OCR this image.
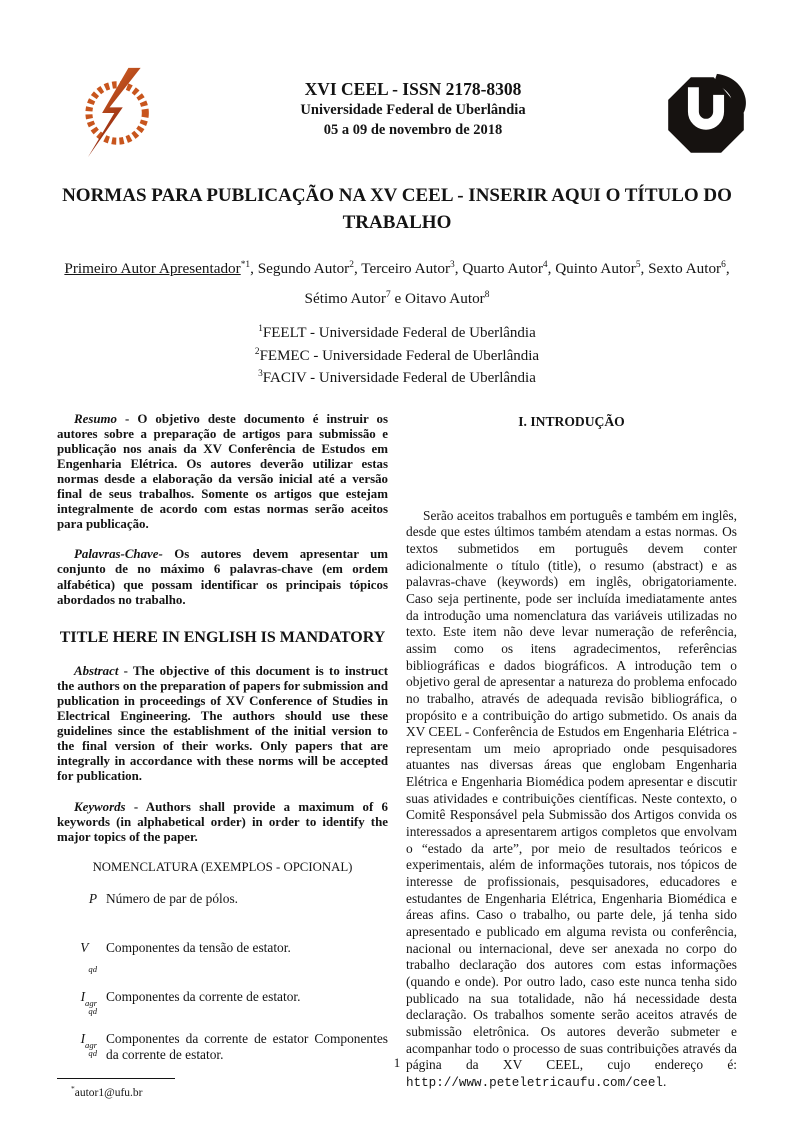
XVI CEEL - ISSN 2178-8308
Universidade Federal de Uberlândia
05 a 09 de novembro de 2018
NORMAS PARA PUBLICAÇÃO NA XV CEEL - INSERIR AQUI O TÍTULO DO TRABALHO
Primeiro Autor Apresentador$^{*1}$, Segundo Autor$^2$, Terceiro Autor$^3$, Quarto Autor$^4$, Quinto Autor$^5$, Sexto Autor$^6$, Sétimo Autor$^7$ e Oitavo Autor$^8$
$^1$FEELT - Universidade Federal de Uberlândia
$^2$FEMEC - Universidade Federal de Uberlândia
$^3$FACIV - Universidade Federal de Uberlândia

Resumo - O objetivo deste documento é instruir os autores sobre a preparação de artigos para submissão e publicação nos anais da XV Conferência de Estudos em Engenharia Elétrica. Os autores deverão utilizar estas normas desde a elaboração da versão inicial até a versão final de seus trabalhos. Somente os artigos que estejam integralmente de acordo com estas normas serão aceitos para publicação.

Palavras-Chave- Os autores devem apresentar um conjunto de no máximo 6 palavras-chave (em ordem alfabética) que possam identificar os principais tópicos abordados no trabalho.

TITLE HERE IN ENGLISH IS MANDATORY

Abstract - The objective of this document is to instruct the authors on the preparation of papers for submission and publication in proceedings of XV Conference of Studies in Electrical Engineering. The authors should use these guidelines since the establishment of the initial version to the final version of their works. Only papers that are integrally in accordance with these norms will be accepted for publication.

Keywords - Authors shall provide a maximum of 6 keywords (in alphabetical order) in order to identify the major topics of the paper.

NOMENCLATURA (EXEMPLOS - OPCIONAL)
P Número de par de pólos.
V
qd
Componentes da tensão de estator.
I agr
qd
Componentes da corrente de estator.
I agr
qd
Componentes da corrente de estator Componentes da corrente de estator.
*autor1@ufu.br
I. INTRODUÇÃO

Serão aceitos trabalhos em português e também em inglês, desde que estes últimos também atendam a estas normas. Os textos submetidos em português devem conter adicionalmente o título (title), o resumo (abstract) e as palavras-chave (keywords) em inglês, obrigatoriamente. Caso seja pertinente, pode ser incluída imediatamente antes da introdução uma nomenclatura das variáveis utilizadas no texto. Este item não deve levar numeração de referência, assim como os itens agradecimentos, referências bibliográficas e dados biográficos. A introdução tem o objetivo geral de apresentar a natureza do problema enfocado no trabalho, através de adequada revisão bibliográfica, o propósito e a contribuição do artigo submetido. Os anais da XV CEEL - Conferência de Estudos em Engenharia Elétrica - representam um meio apropriado onde pesquisadores atuantes nas diversas áreas que englobam Engenharia Elétrica e Engenharia Biomédica podem apresentar e discutir suas atividades e contribuições científicas. Neste contexto, o Comitê Responsável pela Submissão dos Artigos convida os interessados a apresentarem artigos completos que envolvam o “estado da arte”, por meio de resultados teóricos e experimentais, além de informações tutorais, nos tópicos de interesse de profissionais, pesquisadores, educadores e estudantes de Engenharia Elétrica, Engenharia Biomédica e áreas afins. Caso o trabalho, ou parte dele, já tenha sido apresentado e publicado em alguma revista ou conferência, nacional ou internacional, deve ser anexada no corpo do trabalho declaração dos autores com estas informações (quando e onde). Por outro lado, caso este nunca tenha sido publicado na sua totalidade, não há necessidade desta declaração. Os trabalhos somente serão aceitos através de submissão eletrônica. Os autores deverão submeter e acompanhar todo o processo de suas contribuições através da página da XV CEEL, cujo endereço é: http://www.peteletricaufu.com/ceel.

1
